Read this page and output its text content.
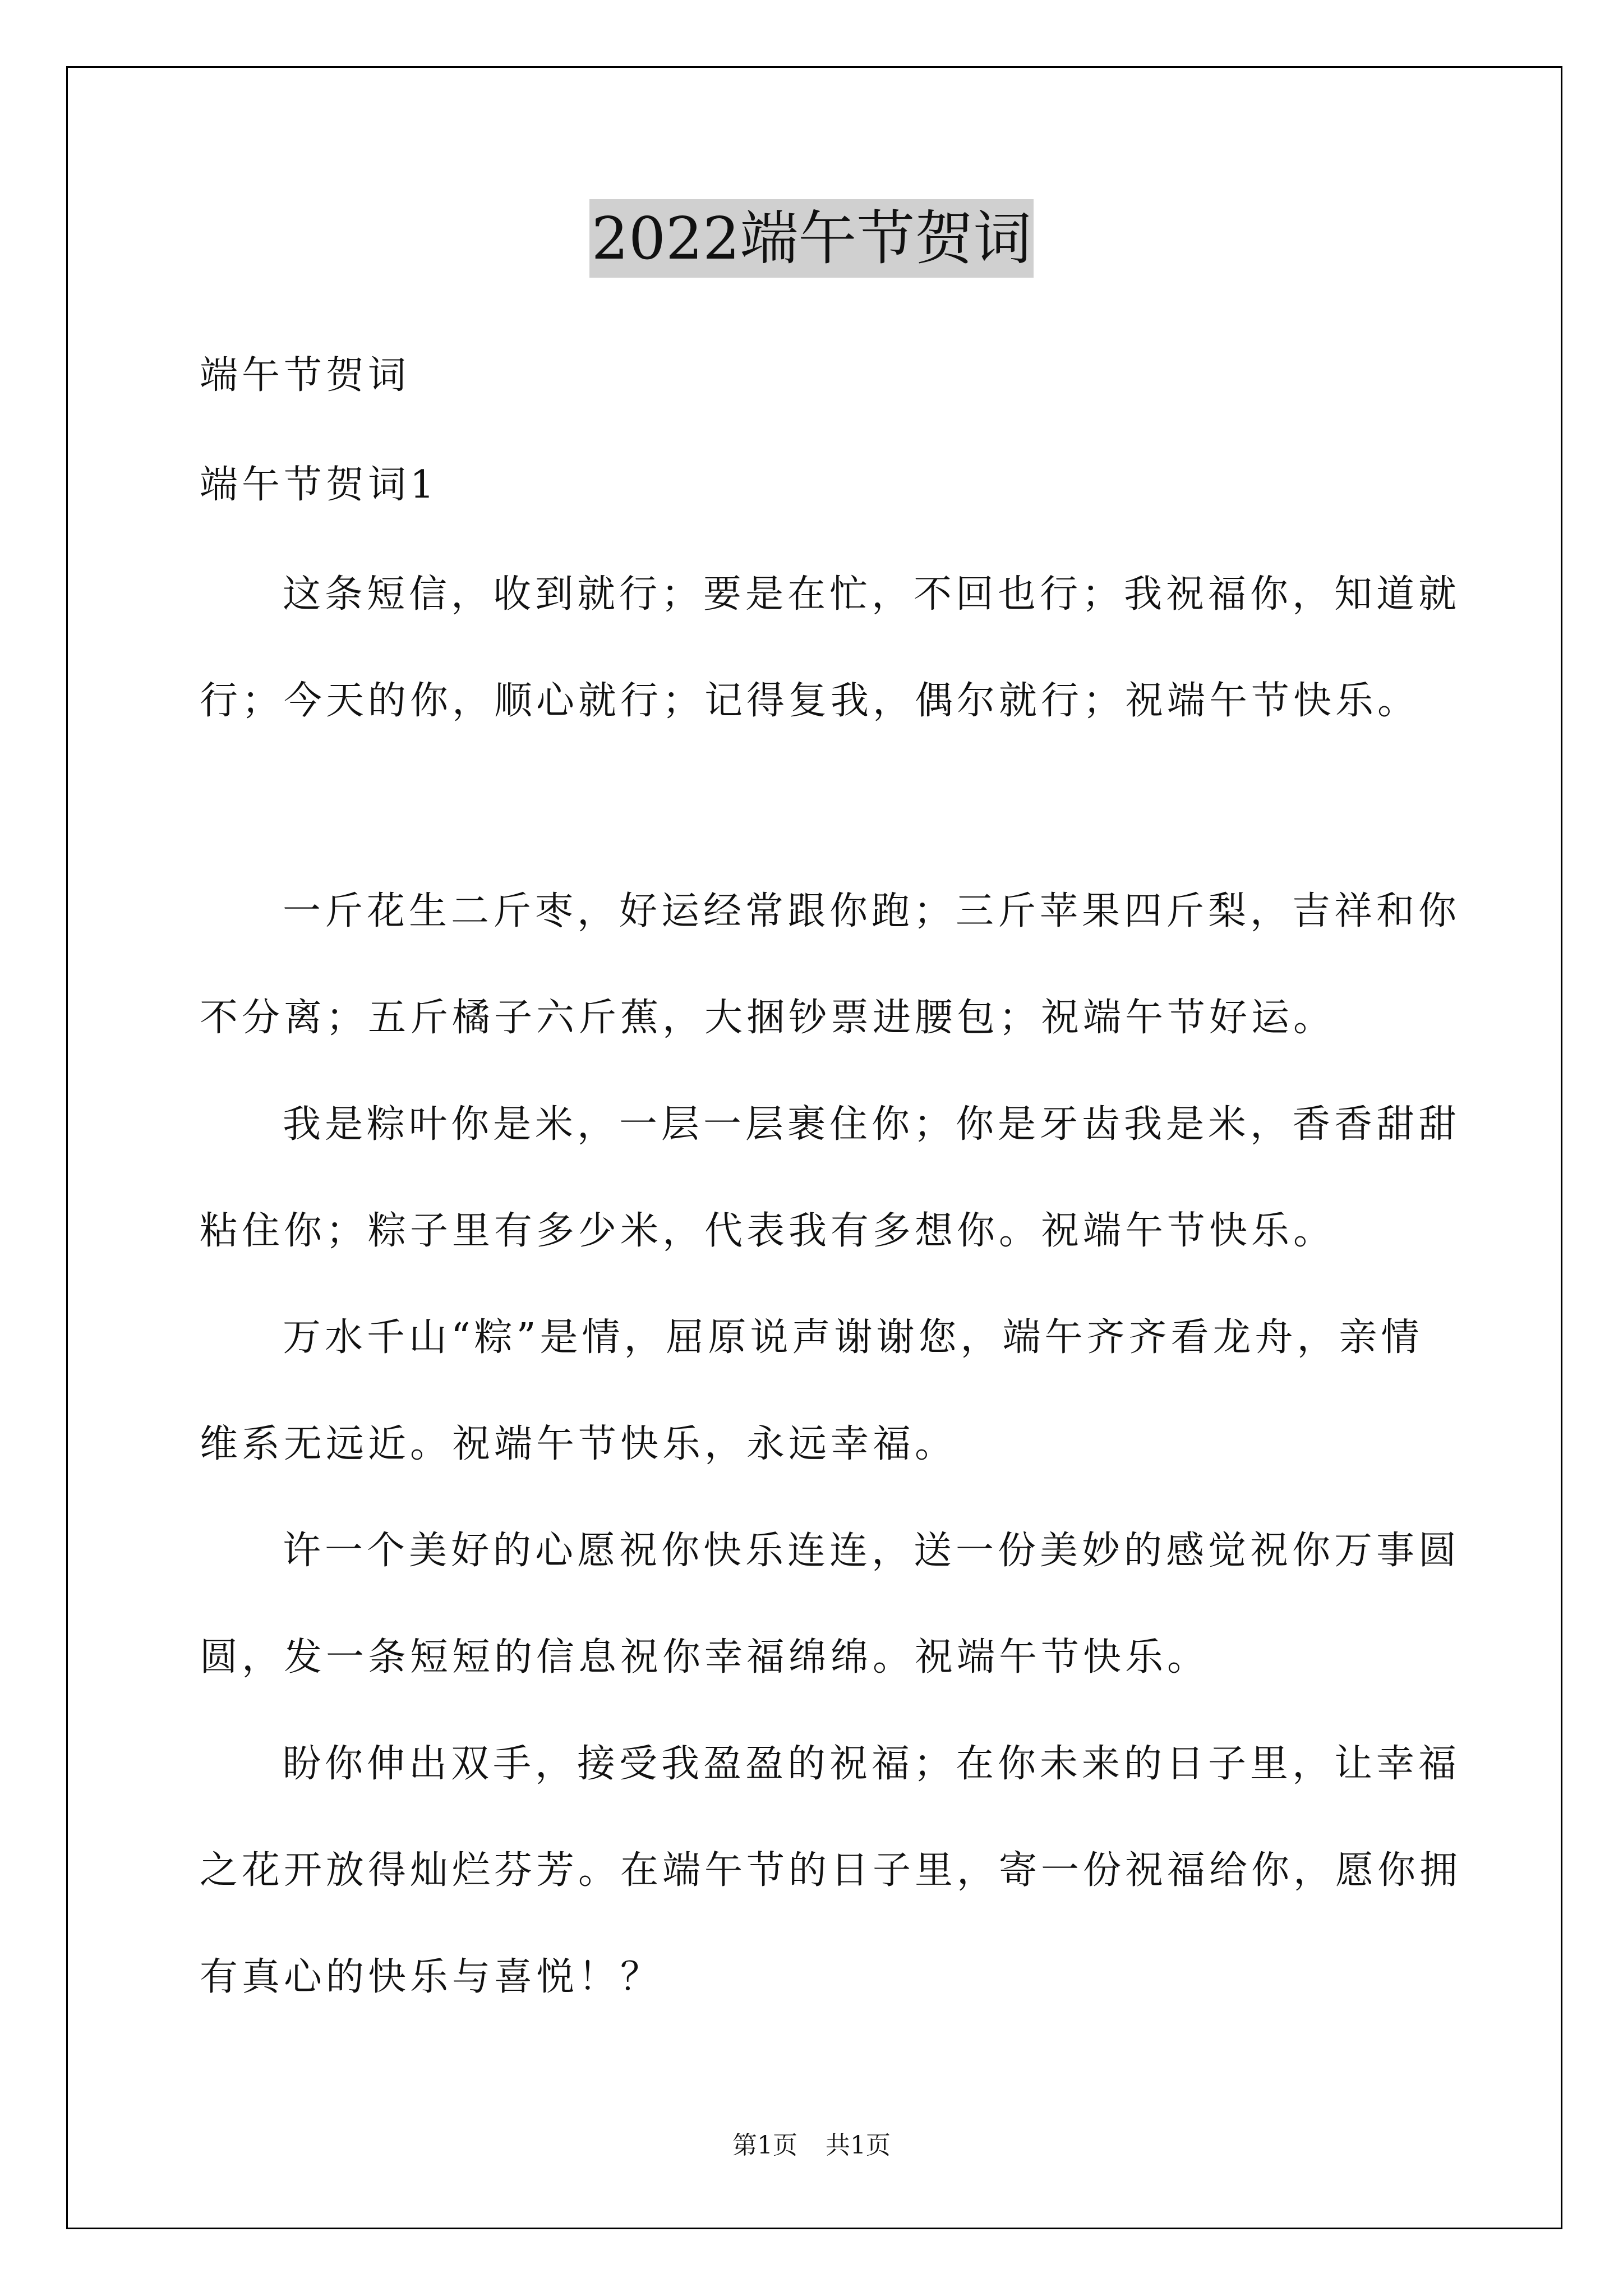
2022端午节贺词
端午节贺词
端午节贺词1
这条短信，收到就行；要是在忙，不回也行；我祝福你，知道就
行；今天的你，顺心就行；记得复我，偶尔就行；祝端午节快乐。
一斤花生二斤枣，好运经常跟你跑；三斤苹果四斤梨，吉祥和你
不分离；五斤橘子六斤蕉，大捆钞票进腰包；祝端午节好运。
我是粽叶你是米，一层一层裹住你；你是牙齿我是米，香香甜甜
粘住你；粽子里有多少米，代表我有多想你。祝端午节快乐。
万水千山“粽”是情，屈原说声谢谢您，端午齐齐看龙舟，亲情
维系无远近。祝端午节快乐，永远幸福。
许一个美好的心愿祝你快乐连连，送一份美妙的感觉祝你万事圆
圆，发一条短短的信息祝你幸福绵绵。祝端午节快乐。
盼你伸出双手，接受我盈盈的祝福；在你未来的日子里，让幸福
之花开放得灿烂芬芳。在端午节的日子里，寄一份祝福给你，愿你拥
有真心的快乐与喜悦！？
第1页 共1页
